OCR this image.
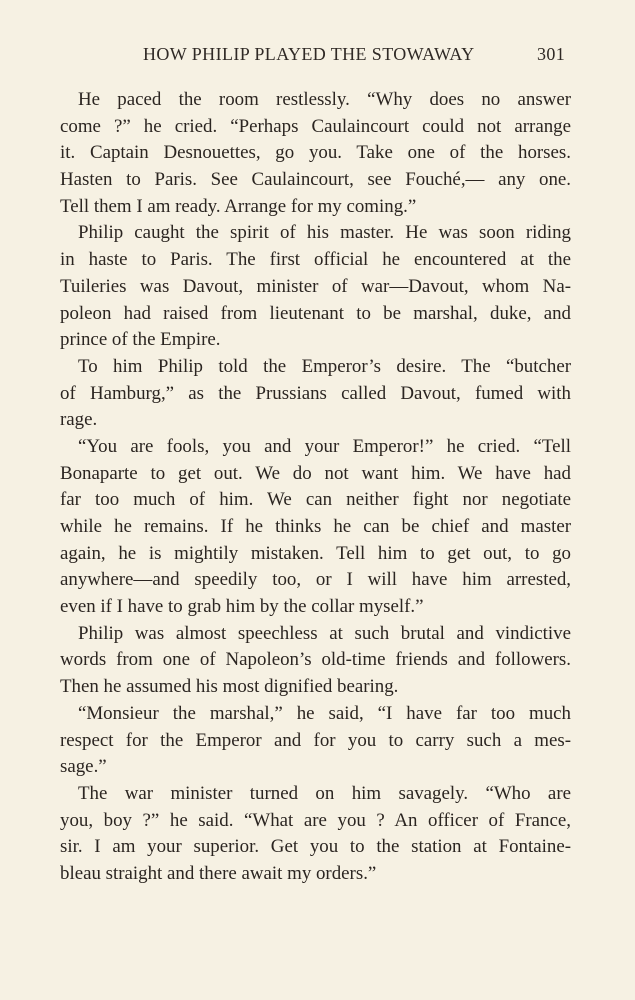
HOW PHILIP PLAYED THE STOWAWAY	301
He paced the room restlessly. “Why does no answer
come ?” he cried. “Perhaps Caulaincourt could not arrange
it. Captain Desnouettes, go you. Take one of the horses.
Hasten to Paris. See Caulaincourt, see Fouché,— any one.
Tell them I am ready. Arrange for my coming.”
Philip caught the spirit of his master. He was soon riding
in haste to Paris. The first official he encountered at the
Tuileries was Davout, minister of war—Davout, whom Na-
poleon had raised from lieutenant to be marshal, duke, and
prince of the Empire.
To him Philip told the Emperor’s desire. The “butcher
of Hamburg,” as the Prussians called Davout, fumed with
rage.
“You are fools, you and your Emperor!” he cried. “Tell
Bonaparte to get out. We do not want him. We have had
far too much of him. We can neither fight nor negotiate
while he remains. If he thinks he can be chief and master
again, he is mightily mistaken. Tell him to get out, to go
anywhere—and speedily too, or I will have him arrested,
even if I have to grab him by the collar myself.”
Philip was almost speechless at such brutal and vindictive
words from one of Napoleon’s old-time friends and followers.
Then he assumed his most dignified bearing.
“Monsieur the marshal,” he said, “I have far too much
respect for the Emperor and for you to carry such a mes-
sage.”
The war minister turned on him savagely. “Who are
you, boy ?” he said. “What are you ? An officer of France,
sir. I am your superior. Get you to the station at Fontaine-
bleau straight and there await my orders.”
